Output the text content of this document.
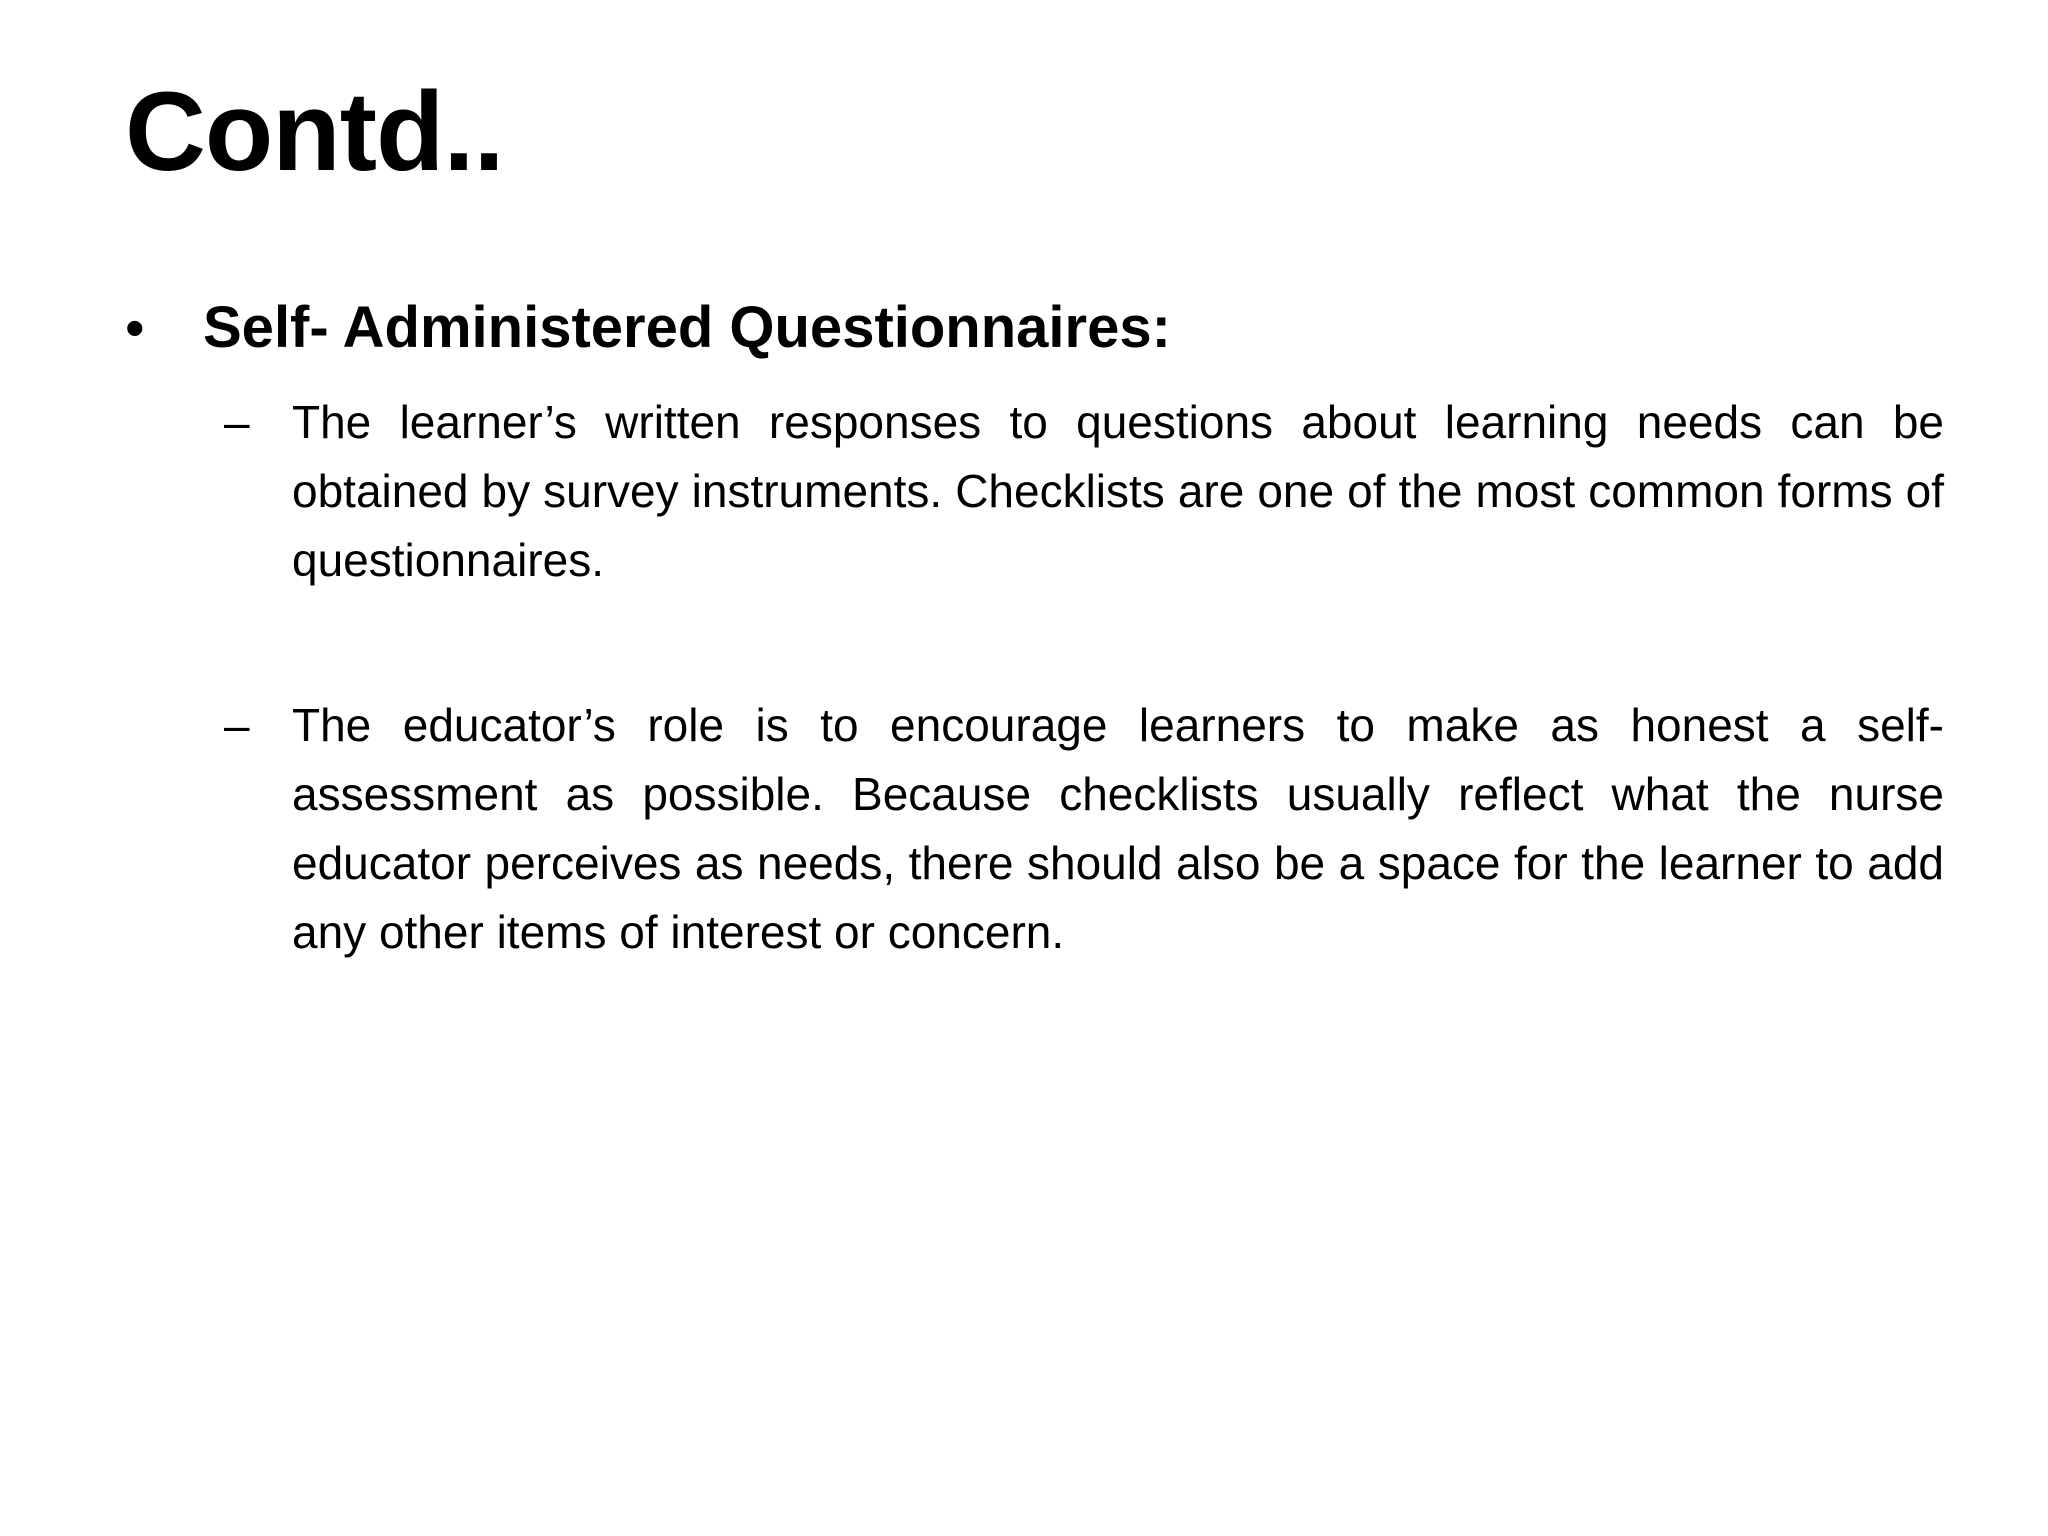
Contd..
•	Self- Administered Questionnaires:
– The learner’s written responses to questions about learning needs can be obtained by survey instruments. Checklists are one of the most common forms of questionnaires.

– The educator’s role is to encourage learners to make as honest a self-assessment as possible. Because checklists usually reflect what the nurse educator perceives as needs, there should also be a space for the learner to add any other items of interest or concern.
